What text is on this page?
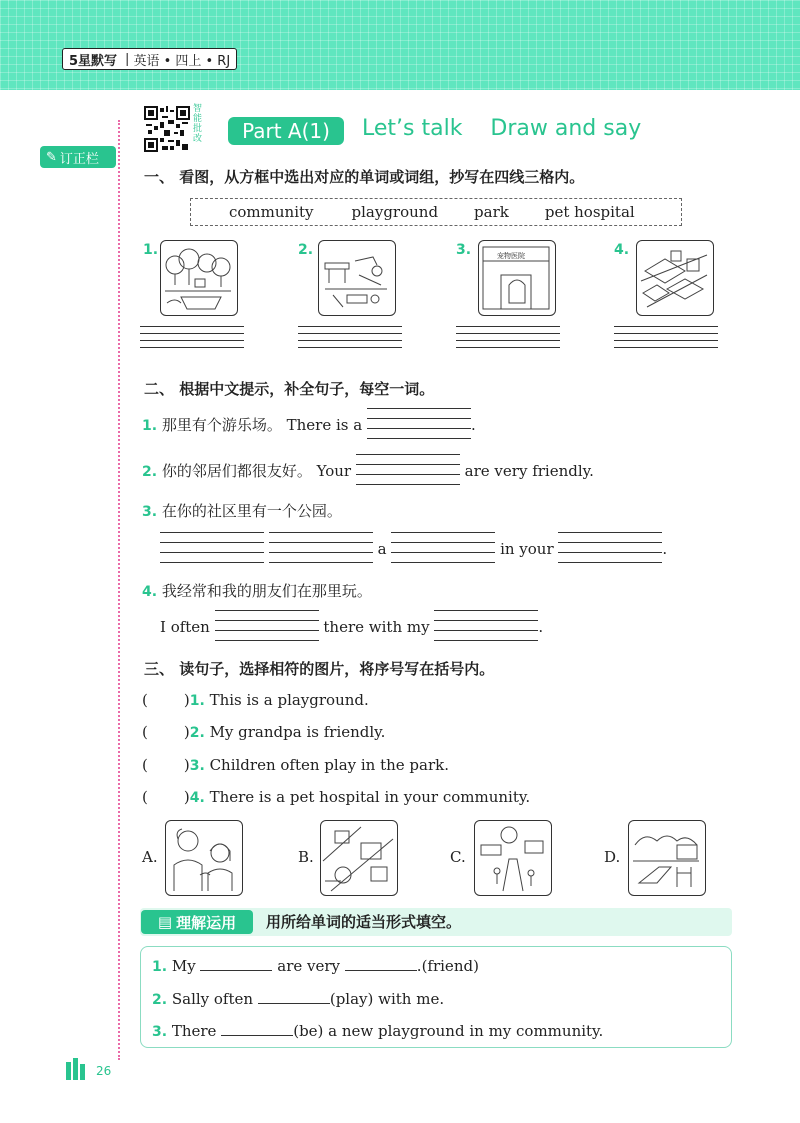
5星默写 | 英语 • 四上 • RJ
✎ 订正栏
智能批改	Part A(1)	Let’s talk    Draw and say
一、 看图，从方框中选出对应的单词或词组，抄写在四线三格内。
community	playground park pet hospital
1.	2.	3.	宠物医院	4.
二、 根据中文提示，补全句子，每空一词。
1. 那里有个游乐场。 There is a	.
2. 你的邻居们都很友好。 Your	are very friendly.
3. 在你的社区里有一个公园。

a	in your	.
4. 我经常和我的朋友们在那里玩。
I often	there with my	.
三、 读句子，选择相符的图片，将序号写在括号内。
( )1. This is a playground.
( )2. My grandpa is friendly.
( )3. Children often play in the park.
( )4. There is a pet hospital in your community.
A.	B.	C.	D.
▤ 理解运用 用所给单词的适当形式填空。
1. My	are very	.(friend)
2. Sally often	(play) with me.
3. There	(be) a new playground in my community.
26
